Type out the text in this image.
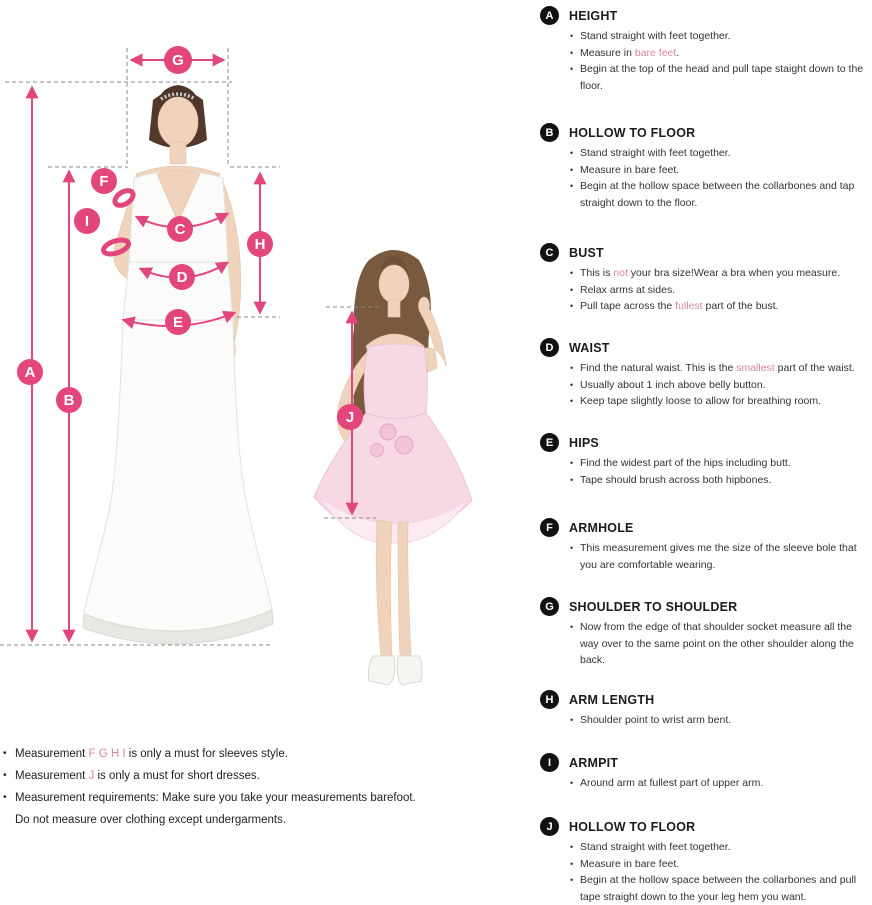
A
B
C
D
E
F
G
H
I
J
A	HEIGHT
• Stand straight with feet together.
• Measure in bare feet.
• Begin at the top of the head and pull tape staight down to the floor.
B	HOLLOW TO FLOOR
• Stand straight with feet together.
• Measure in bare feet.
• Begin at the hollow space between the collarbones and tap straight down to the floor.
C	BUST
• This is not your bra size!Wear a bra when you measure.
• Relax arms at sides.
• Pull tape across the fullest part of the bust.
D	WAIST
• Find the natural waist. This is the smallest part of the waist.
• Usually about 1 inch above belly button.
• Keep tape slightly loose to allow for breathing room.
E	HIPS
• Find the widest part of the hips including butt.
• Tape should brush across both hipbones.
F	ARMHOLE
• This measurement gives me the size of the sleeve bole that you are comfortable wearing.
G	SHOULDER TO SHOULDER
• Now from the edge of that shoulder socket measure all the way over to the same point on the other shoulder along the back.
H	ARM LENGTH
• Shoulder point to wrist arm bent.
I	ARMPIT
• Around arm at fullest part of upper arm.
J	HOLLOW TO FLOOR
• Stand straight with feet together.
• Measure in bare feet.
• Begin at the hollow space between the collarbones and pull tape straight down to the your leg hem you want.
• Measurement F G H I is only a must for sleeves style.
• Measurement J is only a must for short dresses.
• Measurement requirements: Make sure you take your measurements barefoot.
Do not measure over clothing except undergarments.
